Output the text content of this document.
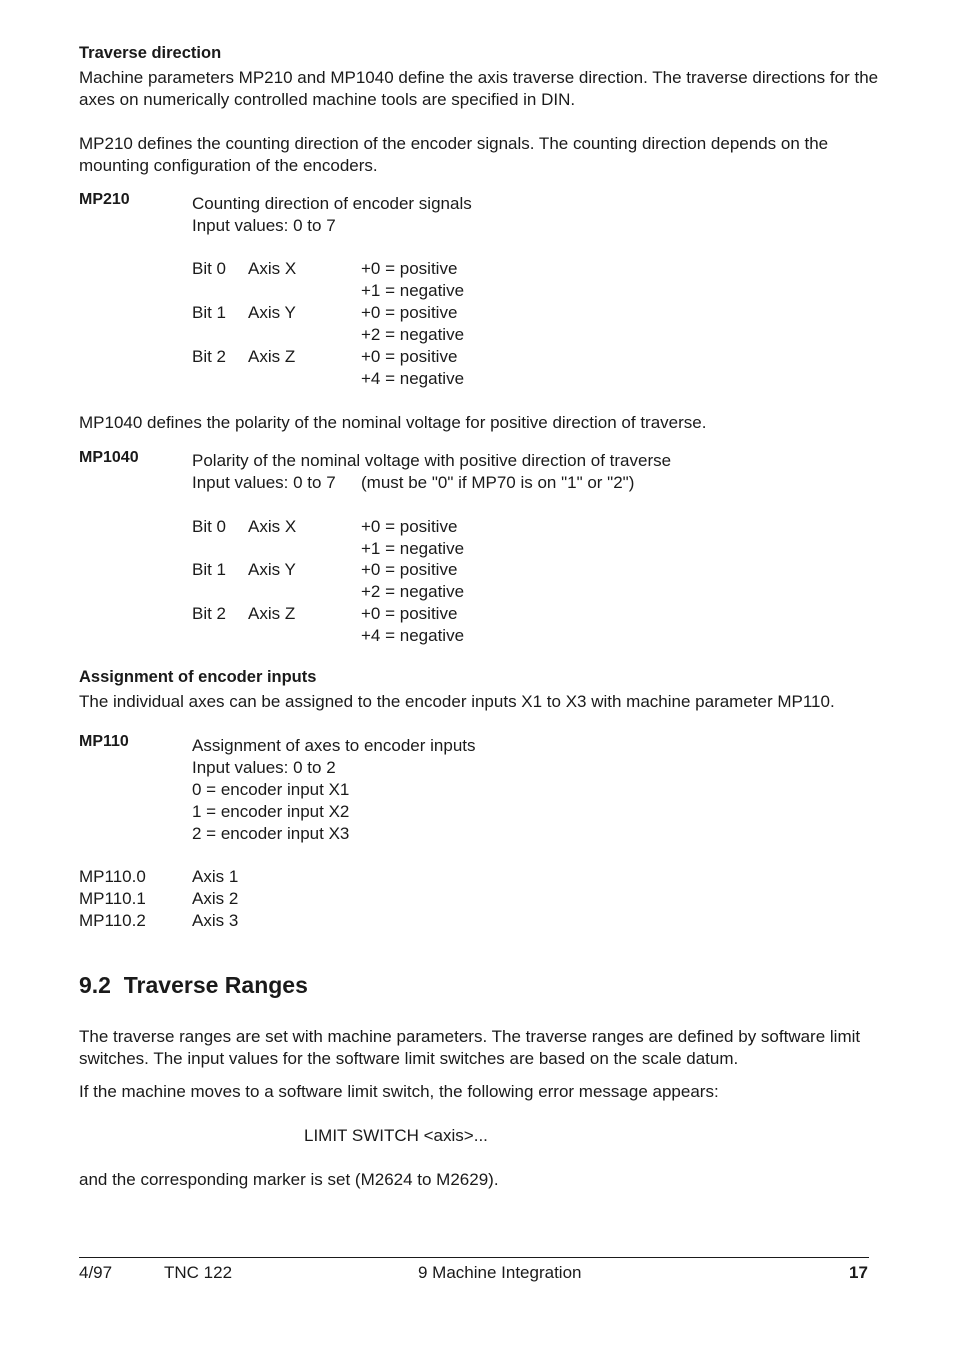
Traverse direction
Machine parameters MP210 and MP1040 define the axis traverse direction. The traverse directions for the axes on numerically controlled machine tools are specified in DIN.
MP210 defines the counting direction of the encoder signals. The counting direction depends on the mounting configuration of the encoders.
MP210	Counting direction of encoder signals
Input values: 0 to 7
Bit 0 Axis X	+0 = positive
+1 = negative
Bit 1 Axis Y	+0 = positive
+2 = negative
Bit 2 Axis Z	+0 = positive
+4 = negative
MP1040 defines the polarity of the nominal voltage for positive direction of traverse.
MP1040	Polarity of the nominal voltage with positive direction of traverse
Input values: 0 to 7 (must be "0" if MP70 is on "1" or "2")
Bit 0 Axis X	+0 = positive
+1 = negative
Bit 1 Axis Y	+0 = positive
+2 = negative
Bit 2 Axis Z	+0 = positive
+4 = negative
Assignment of encoder inputs
The individual axes can be assigned to the encoder inputs X1 to X3 with machine parameter MP110.
MP110	Assignment of axes to encoder inputs
Input values: 0 to 2
0 = encoder input X1
1 = encoder input X2
2 = encoder input X3
MP110.0	Axis 1
MP110.1	Axis 2
MP110.2	Axis 3
9.2 Traverse Ranges
The traverse ranges are set with machine parameters. The traverse ranges are defined by software limit switches. The input values for the software limit switches are based on the scale datum.
If the machine moves to a software limit switch, the following error message appears:
LIMIT SWITCH <axis>...
and the corresponding marker is set (M2624 to M2629).
4/97	TNC 122	9 Machine Integration	17
